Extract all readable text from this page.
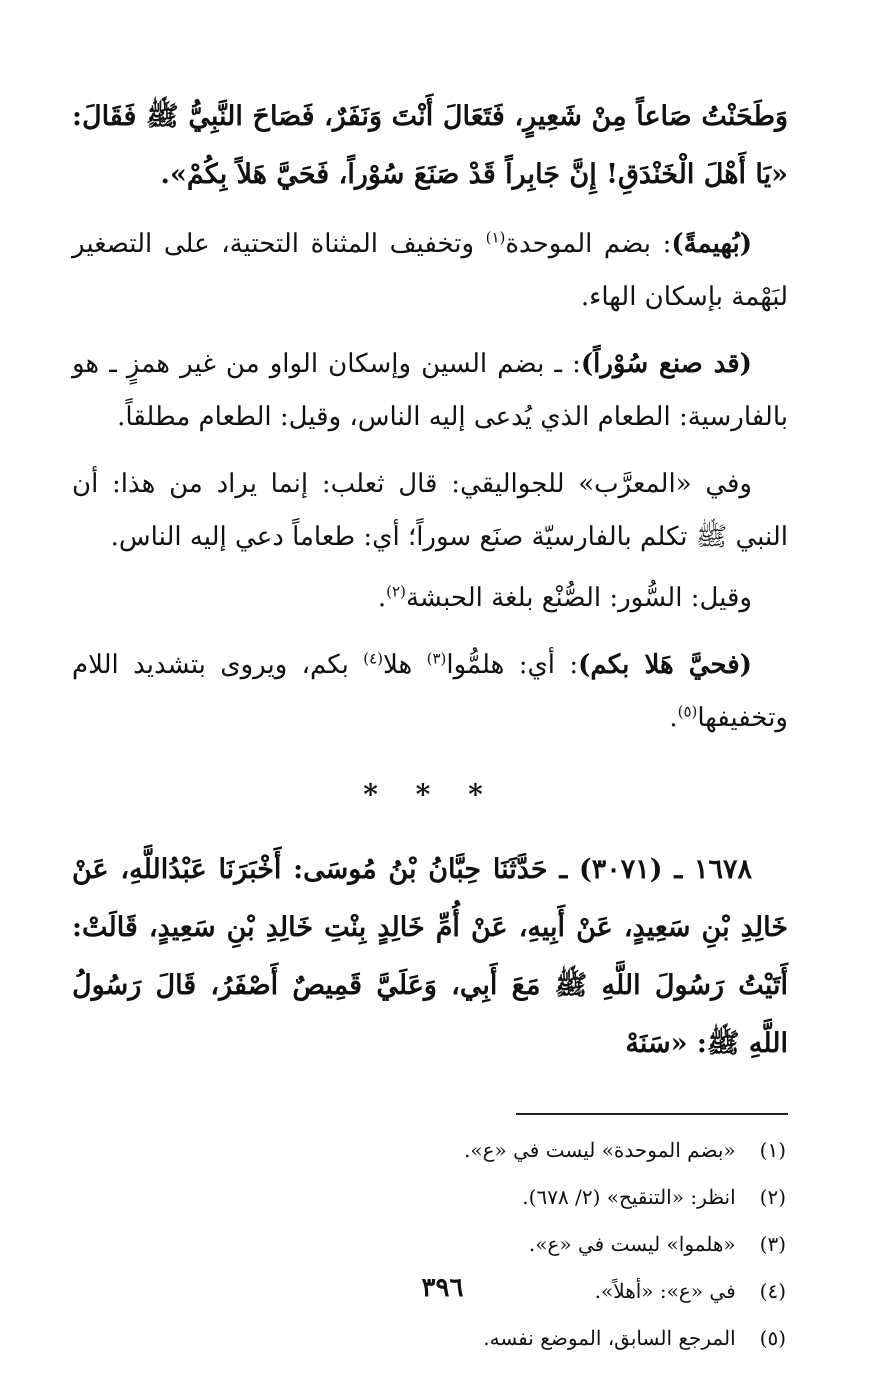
وَطَحَنْتُ صَاعاً مِنْ شَعِيرٍ، فَتَعَالَ أَنْتَ وَنَفَرٌ، فَصَاحَ النَّبِيُّ ﷺ فَقَالَ: «يَا أَهْلَ الْخَنْدَقِ! إِنَّ جَابِراً قَدْ صَنَعَ سُوْراً، فَحَيَّ هَلاً بِكُمْ».

(بُهيمةً): بضم الموحدة$^{(١)}$ وتخفيف المثناة التحتية، على التصغير لبَهْمة بإسكان الهاء.

(قد صنع سُوْراً): ـ بضم السين وإسكان الواو من غير همزٍ ـ هو بالفارسية: الطعام الذي يُدعى إليه الناس، وقيل: الطعام مطلقاً.

وفي «المعرَّب» للجواليقي: قال ثعلب: إنما يراد من هذا: أن النبي ﷺ تكلم بالفارسيّة صنَع سوراً؛ أي: طعاماً دعي إليه الناس.

وقيل: السُّور: الصُّنْع بلغة الحبشة$^{(٢)}$.

(فحيَّ هَلا بكم): أي: هلمُّوا$^{(٣)}$ هلا$^{(٤)}$ بكم، ويروى بتشديد اللام وتخفيفها$^{(٥)}$.

* * *

١٦٧٨ ـ (٣٠٧١) ـ حَدَّثَنَا حِبَّانُ بْنُ مُوسَى: أَخْبَرَنَا عَبْدُاللَّهِ، عَنْ خَالِدِ بْنِ سَعِيدٍ، عَنْ أَبِيهِ، عَنْ أُمِّ خَالِدٍ بِنْتِ خَالِدِ بْنِ سَعِيدٍ، قَالَتْ: أَتَيْتُ رَسُولَ اللَّهِ ﷺ مَعَ أَبِي، وَعَلَيَّ قَمِيصٌ أَصْفَرُ، قَالَ رَسُولُ اللَّهِ ﷺ: «سَنَهْ

(١) «بضم الموحدة» ليست في «ع».
(٢) انظر: «التنقيح» (٢/ ٦٧٨).
(٣) «هلموا» ليست في «ع».
(٤) في «ع»: «أهلاً».
(٥) المرجع السابق، الموضع نفسه.
٣٩٦
